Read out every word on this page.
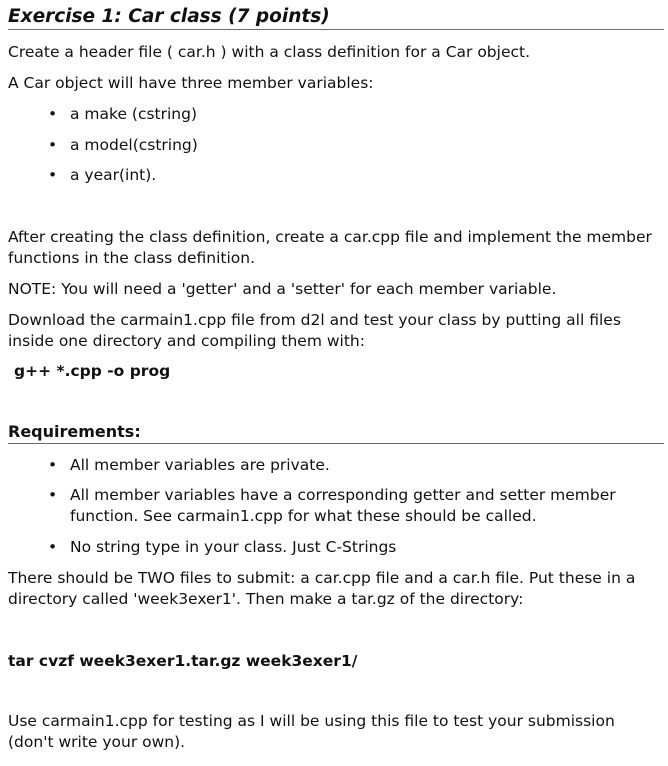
Exercise 1: Car class (7 points)
Create a header file ( car.h ) with a class definition for a Car object.
A Car object will have three member variables:
• a make (cstring)
• a model(cstring)
• a year(int).
After creating the class definition, create a car.cpp file and implement the member functions in the class definition.
NOTE: You will need a 'getter' and a 'setter' for each member variable.
Download the carmain1.cpp file from d2l and test your class by putting all files inside one directory and compiling them with:
g++ *.cpp -o prog
Requirements:
• All member variables are private.
• All member variables have a corresponding getter and setter member function. See carmain1.cpp for what these should be called.
• No string type in your class. Just C-Strings
There should be TWO files to submit: a car.cpp file and a car.h file. Put these in a directory called 'week3exer1'. Then make a tar.gz of the directory:
tar cvzf week3exer1.tar.gz week3exer1/
Use carmain1.cpp for testing as I will be using this file to test your submission (don't write your own).
